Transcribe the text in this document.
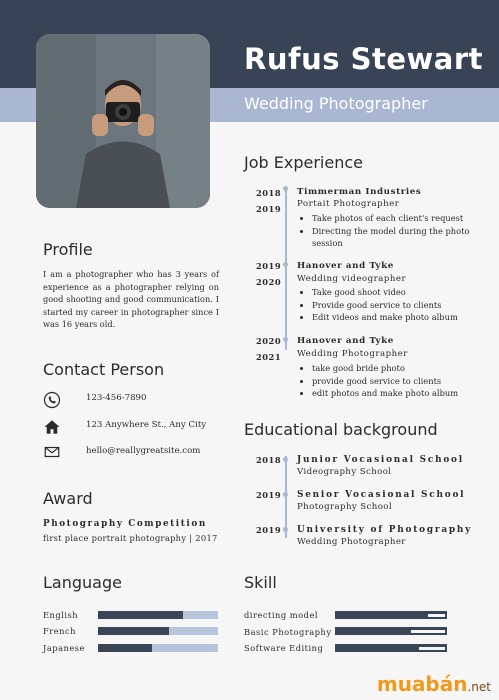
Rufus Stewart
Wedding Photographer
Profile
I am a photographer who has 3 years of experience as a photographer relying on good shooting and good communication. I started my career in photographer since I was 16 years old.
Contact Person
123-456-7890
123 Anywhere St., Any City
hello@reallygreatsite.com
Award
Photography Competition
first place portrait photography | 2017
Language
English
French
Japanese
Job Experience
2018
2019
Timmerman Industries
Portait Photographer
• Take photos of each client's request
• Directing the model during the photo session
2019
2020
Hanover and Tyke
Wedding videographer
• Take good shoot video
• Provide good service to clients
• Edit videos and make photo album
2020
2021
Hanover and Tyke
Wedding Photographer
• take good bride photo
• provide good service to clients
• edit photos and make photo album
Educational background
2018 Junior Vocasional School
Videography School
2019 Senior Vocasional School
Photography School
2019 University of Photography
Wedding Photographer
Skill
directing model
Basic Photography
Software Editing
muabán.net
